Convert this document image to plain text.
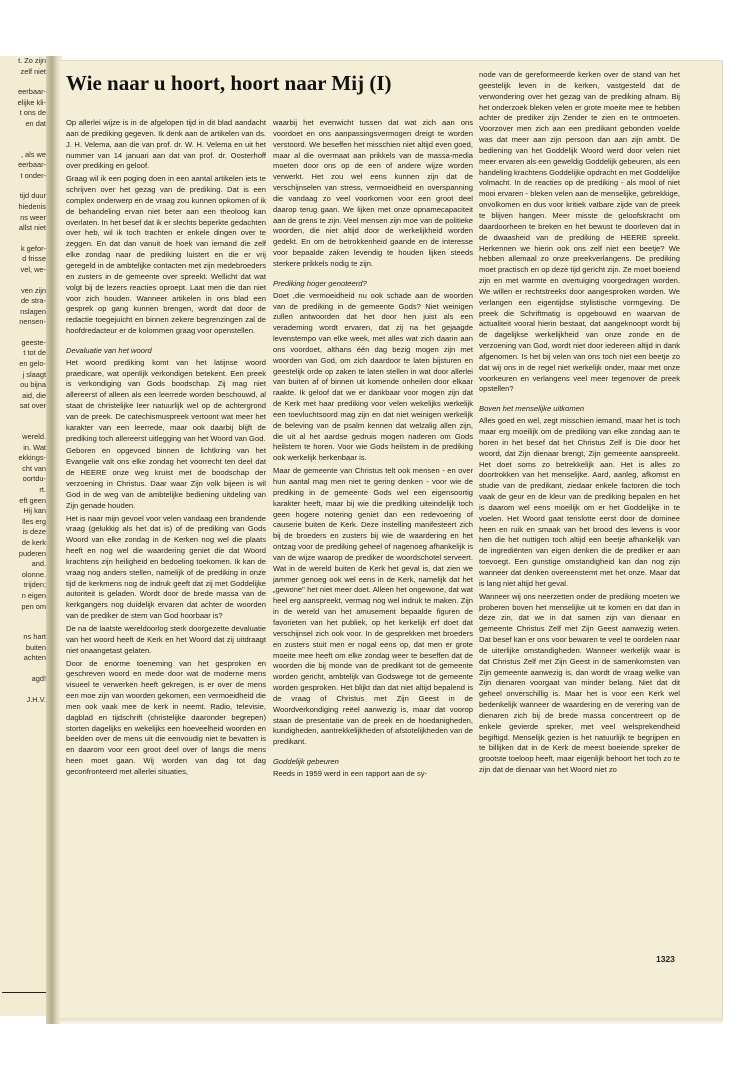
t. Zo zijn

zelf niet

eerbaar-

elijke kli-

t ons de

en dat

, als we

eerbaar-

t onder-

tijd duur

hiedenis

ns weer

allst niet

k gefor-

d frisse

vel, we-

ven zijn

de stra-

nslagen

nensen-

geeste-

t tot de

en gelo-

j slaagt

ou bijna

aid, die

sat over

wereld.

in. Wat

ekkings-

cht van

oortdu-

rt.

eft geen

Hij kan

lles erg

is deze

de kerk

puderen

and.

olonne.

trijden;

n eigen

pen om

ns hart

buiten

achten

agd!

J.H.V.

Wie naar u hoort, hoort naar Mij (I)

Op allerlei wijze is in de afgelopen tijd in dit blad aandacht aan de prediking gegeven. Ik denk aan de artikelen van ds. J. H. Velema, aan die van prof. dr. W. H. Velema en uit het nummer van 14 januari aan dat van prof. dr. Oosterhoff over prediking en geloof.

Graag wil ik een poging doen in een aantal artikelen iets te schrijven over het gezag van de prediking. Dat is een complex onderwerp en de vraag zou kunnen opkomen of ik de behandeling ervan niet beter aan een theoloog kan overlaten. In het besef dat ik er slechts beperkte gedachten over heb, wil ik toch trachten er enkele dingen over te zeggen. En dat dan vanuit de hoek van iemand die zelf elke zondag naar de prediking luistert en die er vrij geregeld in de ambtelijke contacten met zijn medebroeders en zusters in de gemeente over spreekt. Wellicht dat wat volgt bij de lezers reacties oproept. Laat men die dan niet voor zich houden. Wanneer artikelen in ons blad een gesprek op gang kunnen brengen, wordt dat door de redactie toegejuicht en binnen zekere begrenzingen zal de hoofdredacteur er de kolommen graag voor openstellen.

Devaluatie van het woord

Het woord prediking komt van het latijnse woord praedicare, wat openlijk verkondigen betekent. Een preek is verkondiging van Gods boodschap. Zij mag niet allereerst of alleen als een leerrede worden beschouwd, al staat de christelijke leer natuurlijk wel op de achtergrond van de preek. De catechismuspreek vertoont wat meer het karakter van een leerrede, maar ook daarbij blijft de prediking toch allereerst uitlegging van het Woord van God.

Geboren en opgevoed binnen de lichtkring van het Evangelie valt ons elke zondag het voorrecht ten deel dat de HEERE onze weg kruist met de boodschap der verzoening in Christus. Daar waar Zijn volk bijeen is wil God in de weg van de ambtelijke bediening uitdeling van Zijn genade houden.

Het is naar mijn gevoel voor velen vandaag een brandende vraag (gelukkig als het dat is) of de prediking van Gods Woord van elke zondag in de Kerken nog wel die plaats heeft en nog wel die waardering geniet die dat Woord krachtens zijn heiligheid en bedoeling toekomen. Ik kan de vraag nog anders stellen, namelijk of de prediking in onze tijd de kerkmens nog de indruk geeft dat zij met Goddelijke autoriteit is geladen. Wordt door de brede massa van de kerkgangers nog duidelijk ervaren dat achter de woorden van de prediker de stem van God hoorbaar is?

De na de laatste wereldoorlog sterk doorgezette devaluatie van het woord heeft de Kerk en het Woord dat zij uitdraagt niet onaangetast gelaten.

Door de enorme toeneming van het gesproken en geschreven woord en mede door wat de moderne mens visueel te verwerken heeft gekregen, is er over de mens een moe zijn van woorden gekomen, een vermoeidheid die men ook vaak mee de kerk in neemt. Radio, televisie, dagblad en tijdschrift (christelijke daaronder begrepen) storten dagelijks en wekelijks een hoeveelheid woorden en beelden over de mens uit die eenvoudig niet te bevatten is en daarom voor een groot deel over of langs die mens heen moet gaan. Wij worden van dag tot dag geconfronteerd met allerlei situaties,

waarbij het evenwicht tussen dat wat zich aan ons voordoet en ons aanpassingsvermogen dreigt te worden verstoord. We beseffen het misschien niet altijd even goed, maar al die overmaat aan prikkels van de massa-media moeten door ons op de een of andere wijze worden verwerkt. Het zou wel eens kunnen zijn dat de verschijnselen van stress, vermoeidheid en overspanning die vandaag zo veel voorkomen voor een groot deel daarop terug gaan. We lijken met onze opnamecapaciteit aan de grens te zijn. Veel mensen zijn moe van de politieke woorden, die niet altijd door de werkelijkheid worden gedekt. En om de betrokkenheid gaande en de interesse voor bepaalde zaken levendig te houden lijken steeds sterkere prikkels nodig te zijn.

Prediking hoger genoteerd?

Doet ,die vermoeidheid nu ook schade aan de woorden van de prediking in de gemeente Gods? Niet weinigen zullen antwoorden dat het door hen juist als een verademing wordt ervaren, dat zij na het gejaagde levenstempo van elke week, met alles wat zich daarin aan ons voordoet, althans één dag bezig mogen zijn met woorden van God, om zich daardoor te laten bijsturen en geestelijk orde op zaken te laten stellen in wat door allerlei van buiten af of binnen uit komende onheilen door elkaar raakte. Ik geloof dat we er dankbaar voor mogen zijn dat de Kerk met haar prediking voor velen wekelijks werkelijk een toevluchtsoord mag zijn en dat niet weinigen werkelijk de beleving van de psalm kennen dat welzalig allen zijn, die uit al het aardse gedruis mogen naderen om Gods heilstem te horen. Voor wie Gods heilstem in de prediking ook werkelijk herkenbaar is.

Maar de gemeente van Christus telt ook mensen - en over hun aantal mag men niet te gering denken - voor wie de prediking in de gemeente Gods wel een eigensoortig karakter heeft, maar bij wie die prediking uiteindelijk toch geen hogere notering geniet dan een redevoering of causerie buiten de Kerk. Deze instelling manifesteert zich bij de broeders en zusters bij wie de waardering en het ontzag voor de prediking geheel of nagenoeg afhankelijk is van de wijze waarop de prediker de woordschotel serveert. Wat in de wereld buiten de Kerk het geval is, dat zien we jammer genoeg ook wel eens in de Kerk, namelijk dat het „gewone" het niet meer doet. Alleen het ongewone, dat wat heel erg aanspreekt, vermag nog wel indruk te maken. Zijn in de wereld van het amusement bepaalde figuren de favorieten van het publiek, op het kerkelijk erf doet dat verschijnsel zich ook voor. In de gesprekken met broeders en zusters stuit men er nogal eens op, dat men er grote moeite mee heeft om elke zondag weer te beseffen dat de woorden die bij monde van de predikant tot de gemeente worden gericht, ambtelijk van Godswege tot de gemeente worden gesproken. Het blijkt dan dat niet altijd bepalend is de vraag of Christus met Zijn Geest in de Woordverkondiging reëel aanwezig is, maar dat voorop staan de presentatie van de preek en de hoedanigheden, kundigheden, aantrekkelijkheden of afstotelijkheden van de predikant.

Goddelijk gebeuren

Reeds in 1959 werd in een rapport aan de sy-

node van de gereformeerde kerken over de stand van het geestelijk leven in de kerken, vastgesteld dat de verwondering over het gezag van de prediking afnam. Bij het onderzoek bleken velen er grote moeite mee te hebben achter de prediker zijn Zender te zien en te ontmoeten. Voorzover men zich aan een predikant gebonden voelde was dat meer aan zijn persoon dan aan zijn ambt. De bediening van het Goddelijk Woord werd door velen niet meer ervaren als een geweldig Goddelijk gebeuren, als een handeling krachtens Goddelijke opdracht en met Goddelijke volmacht. In de reacties op de prediking - als mool of niet mooi ervaren - bleken velen aan de menselijke, gebrekkige, onvolkomen en dus voor kritiek vatbare zijde van de preek te blijven hangen. Meer misste de geloofskracht om daardoorheen te breken en het bewust te doorleven dat in de dwaasheid van de prediking de HEERE spreekt. Herkennen we hierin ook ons zelf niet een beetje? We hebben allemaal zo onze preekverlangens. De prediking moet practisch en op deze tijd gericht zijn. Ze moet boeiend zijn en met warmte en overtuiging voorgedragen worden. We willen er rechtstreeks door aangesproken worden. We verlangen een eigentijdse stylistische vormgeving. De preek die Schriftmatig is opgebouwd en waarvan de actualiteit vooral hierin bestaat, dat aangeknoopt wordt bij de dagelijkse werkelijkheid van onze zonde en de verzoening van God, wordt niet door iedereen altijd in dank afgenomen. Is het bij velen van ons toch niet een beetje zo dat wij ons in de regel niet werkelijk onder, maar met onze voorkeuren en verlangens veel meer tegenover de preek opstellen?

Boven het menselijke uitkomen

Alles goed en wel, zegt misschien iemand, maar het is toch maar erg moeilijk om de prediking van elke zondag aan te horen in het besef dat het Christus Zelf is Die door het woord, dat Zijn dienaar brengt, Zijn gemeente aanspreekt. Het doet soms zo betrekkelijk aan. Het is alles zo doortrokken van het menselijke. Aard, aanleg, afkomst en studie van de predikant, ziedaar enkele factoren die toch vaak de geur en de kleur van de prediking bepalen en het is daarom wel eens moeilijk om er het Goddelijke in te voelen. Het Woord gaat tenslotte eerst door de dominee heen en ruik en smaak van het brood des levens is voor hen die het nuttigen toch altijd een beetje afhankelijk van de ingrediënten van eigen denken die de prediker er aan toevoegt. Een gunstige omstandigheid kan dan nog zijn wanneer dat denken overeenstemt met het onze. Maar dat is lang niet altijd het geval.

Wanneer wij ons neerzetten onder de prediking moeten we proberen boven het menselijke uit te komen en dat dan in deze zin, dat we in dat samen zijn van dienaar en gemeente Christus Zelf met Zijn Geest aanwezig weten. Dat besef kan er ons voor bewaren te veel te oordelen naar de uiterlijke omstandigheden. Wanneer werkelijk waar is dat Christus Zelf met Zijn Geest in de samenkomsten van Zijn gemeente aanwezig is, dan wordt de vraag welke van Zijn dienaren voorgaat van minder belang. Niet dat dit geheel onverschillig is. Maar het is voor een Kerk wel bedenkelijk wanneer de waardering en de verering van de dienaren zich bij de brede massa concentreert op de enkele gevierde spreker, met veel welsprekendheid begiftigd. Menselijk gezien is het natuurlijk te begrijpen en te billijken dat in de Kerk de meest boeiende spreker de grootste toeloop heeft, maar eigenlijk behoort het toch zo te zijn dat de dienaar van het Woord niet zo

1323
